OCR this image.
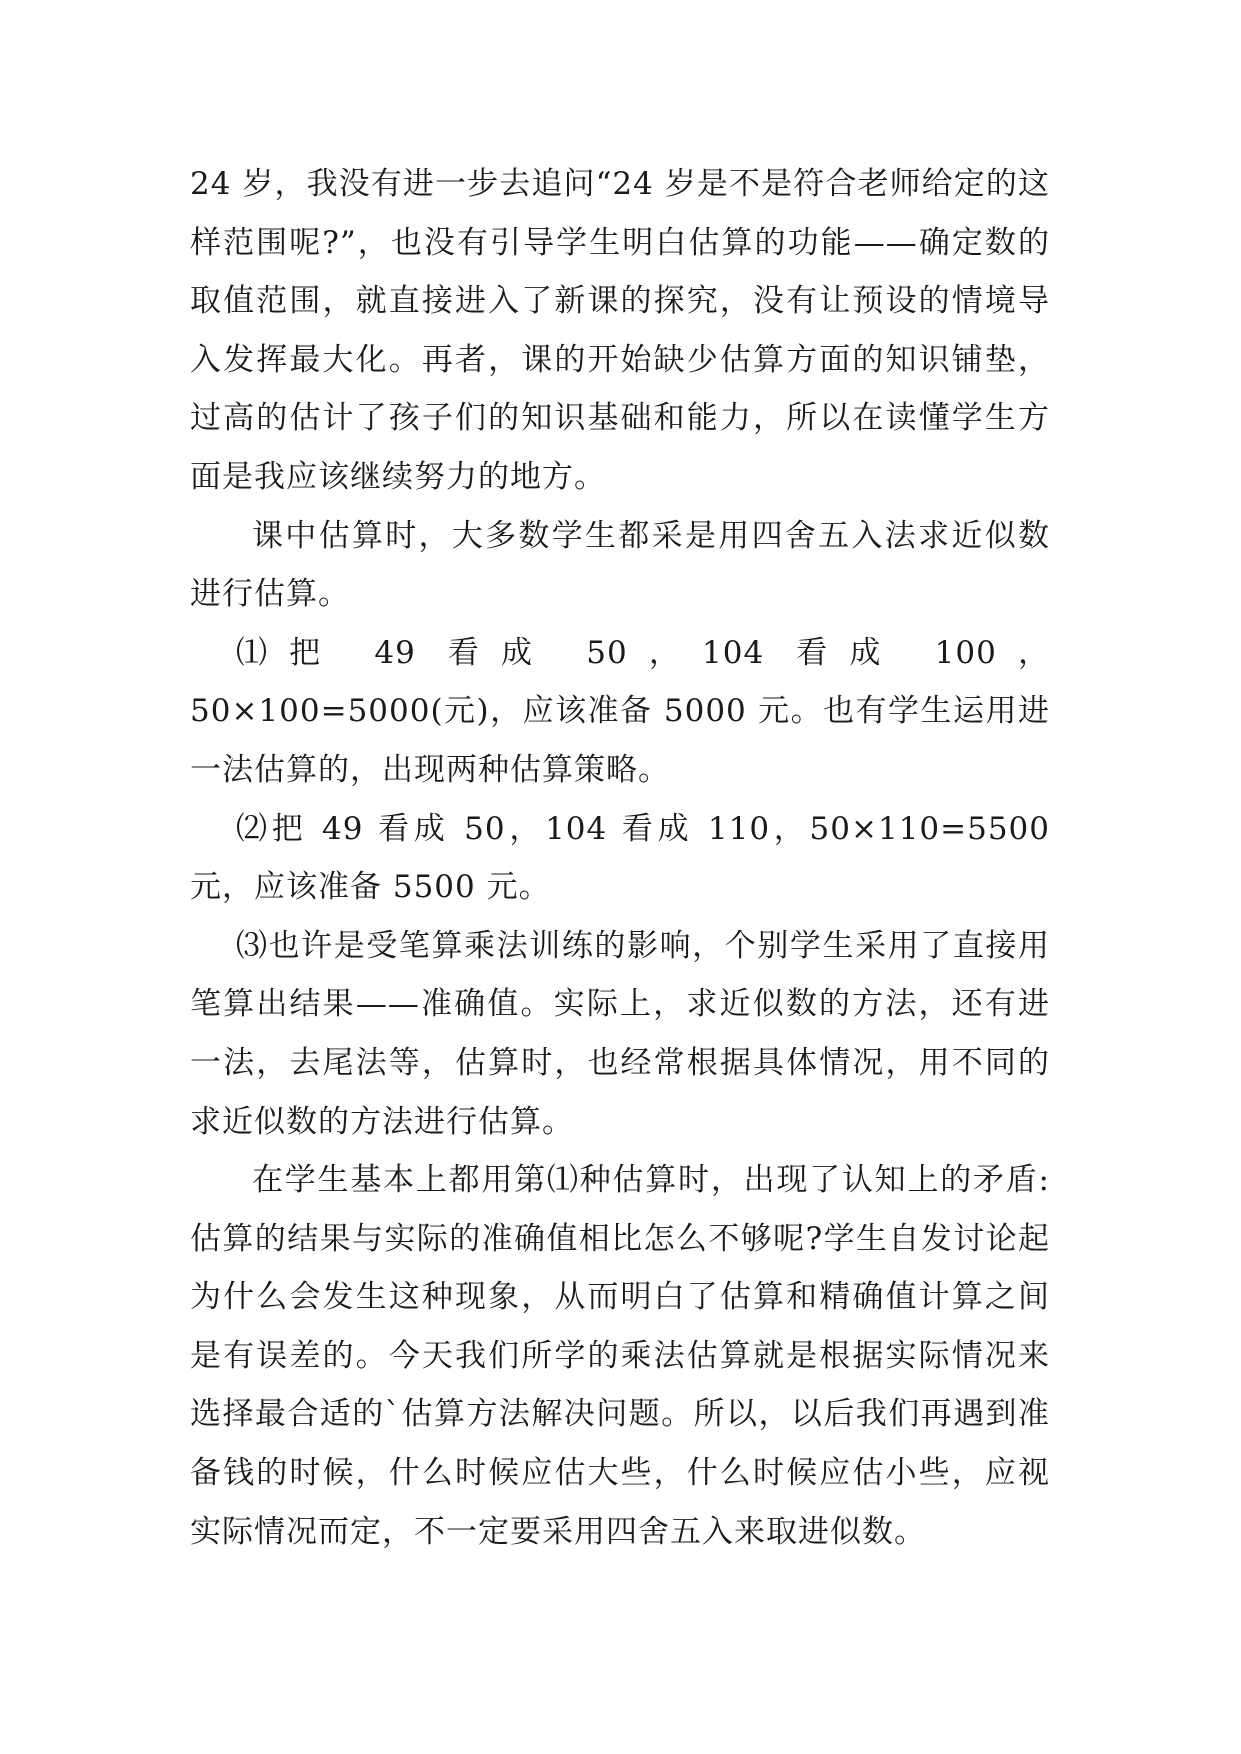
24 岁，我没有进一步去追问“24 岁是不是符合老师给定的这样范围呢?”，也没有引导学生明白估算的功能——确定数的取值范围，就直接进入了新课的探究，没有让预设的情境导入发挥最大化。再者，课的开始缺少估算方面的知识铺垫，过高的估计了孩子们的知识基础和能力，所以在读懂学生方面是我应该继续努力的地方。

课中估算时，大多数学生都采是用四舍五入法求近似数进行估算。

⑴把 49 看成 50，104 看成 100，50×100=5000(元)，应该准备 5000 元。也有学生运用进一法估算的，出现两种估算策略。

⑵把 49 看成 50，104 看成 110，50×110=5500 元，应该准备 5500 元。

⑶也许是受笔算乘法训练的影响，个别学生采用了直接用笔算出结果——准确值。实际上，求近似数的方法，还有进一法，去尾法等，估算时，也经常根据具体情况，用不同的求近似数的方法进行估算。

在学生基本上都用第⑴种估算时，出现了认知上的矛盾:估算的结果与实际的准确值相比怎么不够呢?学生自发讨论起为什么会发生这种现象，从而明白了估算和精确值计算之间是有误差的。今天我们所学的乘法估算就是根据实际情况来选择最合适的`估算方法解决问题。所以，以后我们再遇到准备钱的时候，什么时候应估大些，什么时候应估小些，应视实际情况而定，不一定要采用四舍五入来取进似数。
